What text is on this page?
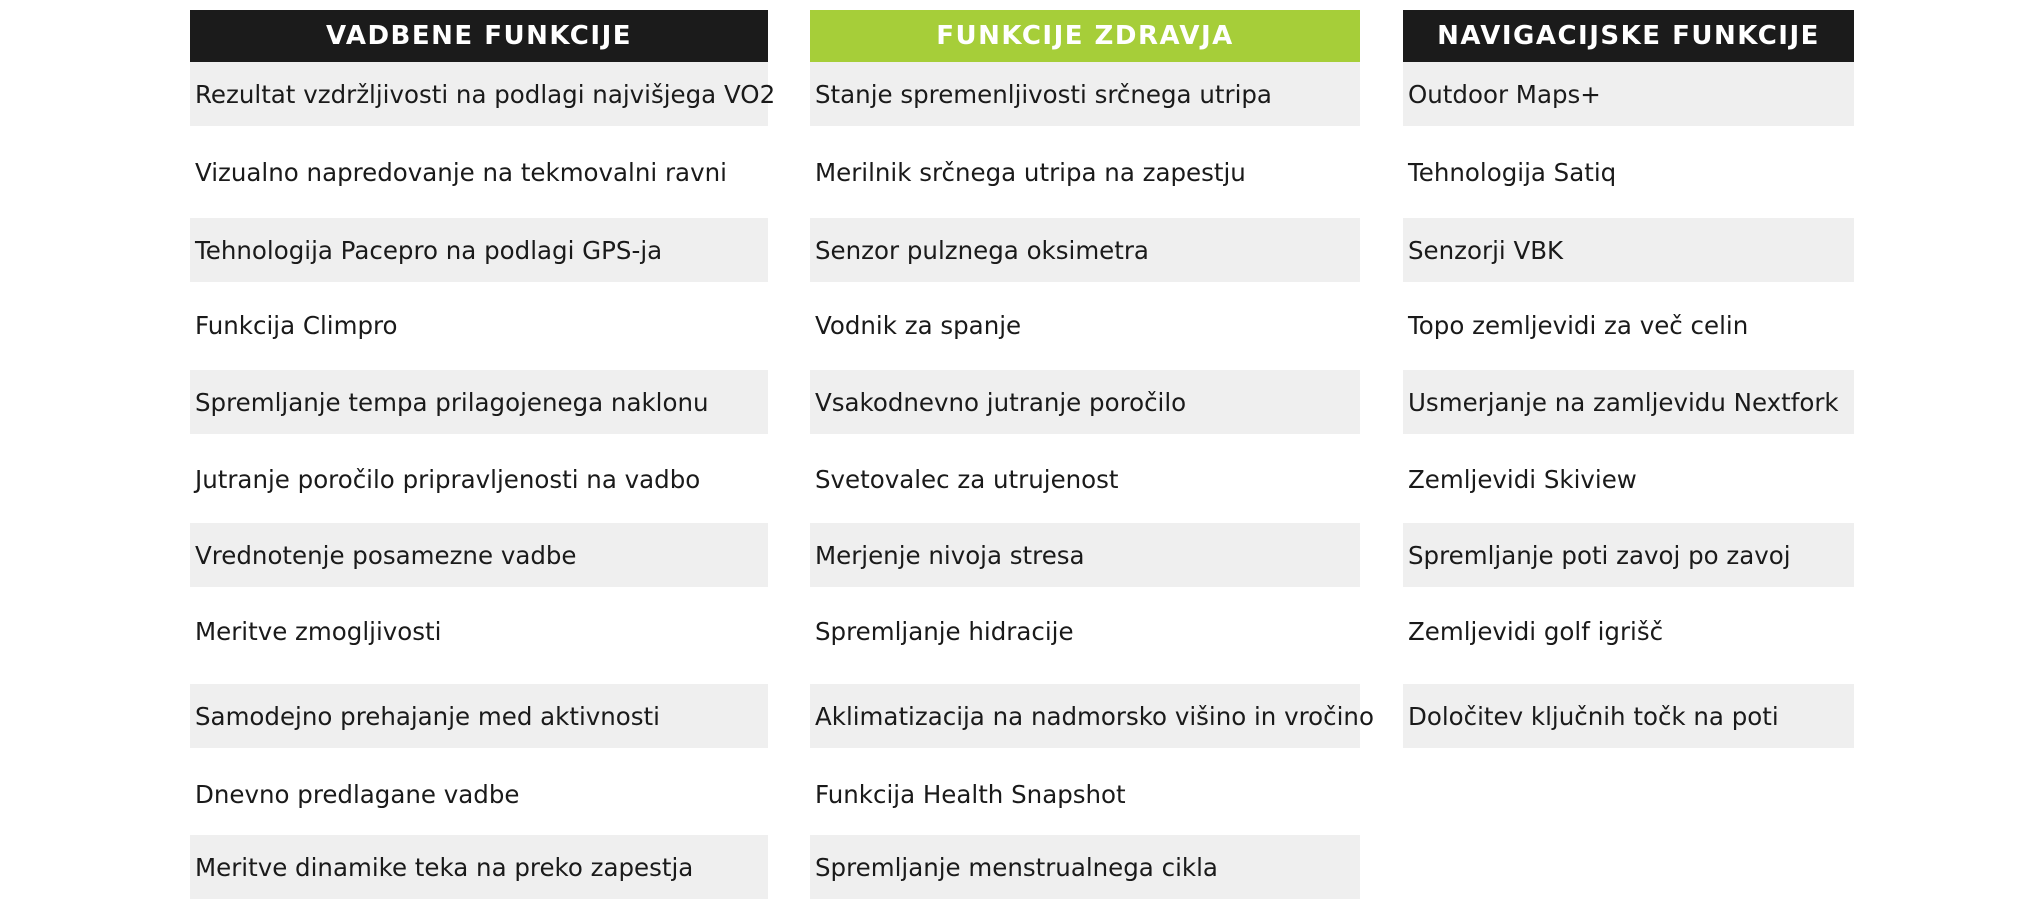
VADBENE FUNKCIJE
Rezultat vzdržljivosti na podlagi najvišjega VO2
Vizualno napredovanje na tekmovalni ravni
Tehnologija Pacepro na podlagi GPS-ja
Funkcija Climpro
Spremljanje tempa prilagojenega naklonu
Jutranje poročilo pripravljenosti na vadbo
Vrednotenje posamezne vadbe
Meritve zmogljivosti
Samodejno prehajanje med aktivnosti
Dnevno predlagane vadbe
Meritve dinamike teka na preko zapestja
FUNKCIJE ZDRAVJA
Stanje spremenljivosti srčnega utripa
Merilnik srčnega utripa na zapestju
Senzor pulznega oksimetra
Vodnik za spanje
Vsakodnevno jutranje poročilo
Svetovalec za utrujenost
Merjenje nivoja stresa
Spremljanje hidracije
Aklimatizacija na nadmorsko višino in vročino
Funkcija Health Snapshot
Spremljanje menstrualnega cikla
NAVIGACIJSKE FUNKCIJE
Outdoor Maps+
Tehnologija Satiq
Senzorji VBK
Topo zemljevidi za več celin
Usmerjanje na zamljevidu Nextfork
Zemljevidi Skiview
Spremljanje poti zavoj po zavoj
Zemljevidi golf igrišč
Določitev ključnih točk na poti
